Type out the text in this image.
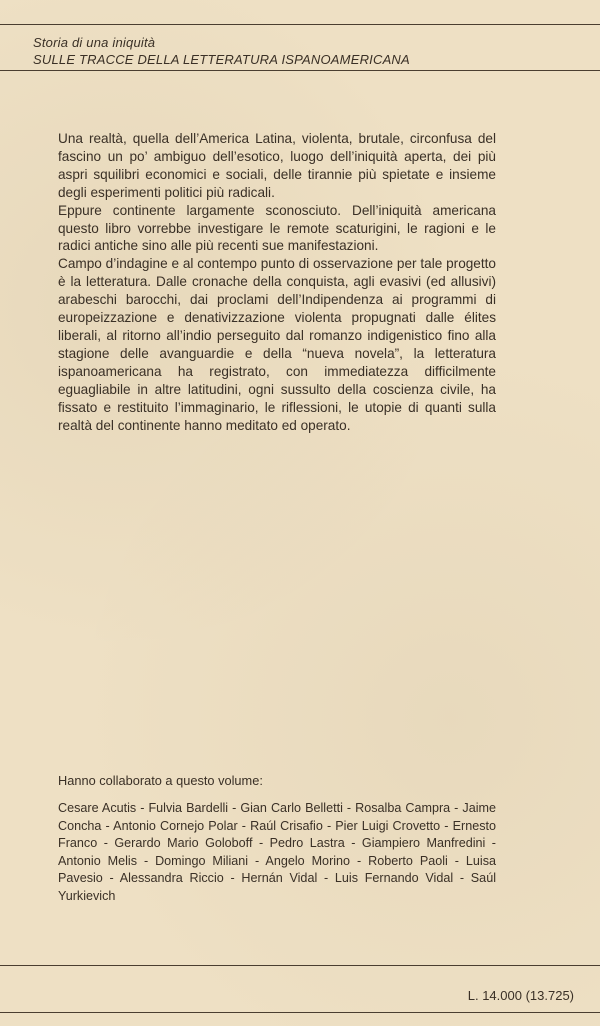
Storia di una iniquità
SULLE TRACCE DELLA LETTERATURA ISPANOAMERICANA

Una realtà, quella dell’America Latina, violenta, brutale, circonfusa del fascino un po’ ambiguo dell’esotico, luogo dell’iniquità aperta, dei più aspri squilibri economici e sociali, delle tirannie più spietate e insieme degli esperimenti politici più radicali.

Eppure continente largamente sconosciuto. Dell’iniquità americana questo libro vorrebbe investigare le remote scaturigini, le ragioni e le radici antiche sino alle più recenti sue manifestazioni.

Campo d’indagine e al contempo punto di osservazione per tale progetto è la letteratura. Dalle cronache della conquista, agli evasivi (ed allusivi) arabeschi barocchi, dai proclami dell’Indipendenza ai programmi di europeizzazione e denativizzazione violenta propugnati dalle élites liberali, al ritorno all’indio perseguito dal romanzo indigenistico fino alla stagione delle avanguardie e della “nueva novela”, la letteratura ispanoamericana ha registrato, con immediatezza difficilmente eguagliabile in altre latitudini, ogni sussulto della coscienza civile, ha fissato e restituito l’immaginario, le riflessioni, le utopie di quanti sulla realtà del continente hanno meditato ed operato.

Hanno collaborato a questo volume:
Cesare Acutis - Fulvia Bardelli - Gian Carlo Belletti - Rosalba Campra - Jaime Concha - Antonio Cornejo Polar - Raúl Crisafio - Pier Luigi Crovetto - Ernesto Franco - Gerardo Mario Goloboff - Pedro Lastra - Giampiero Manfredini - Antonio Melis - Domingo Miliani - Angelo Morino - Roberto Paoli - Luisa Pavesio - Alessandra Riccio - Hernán Vidal - Luis Fernando Vidal - Saúl Yurkievich
L. 14.000 (13.725)
